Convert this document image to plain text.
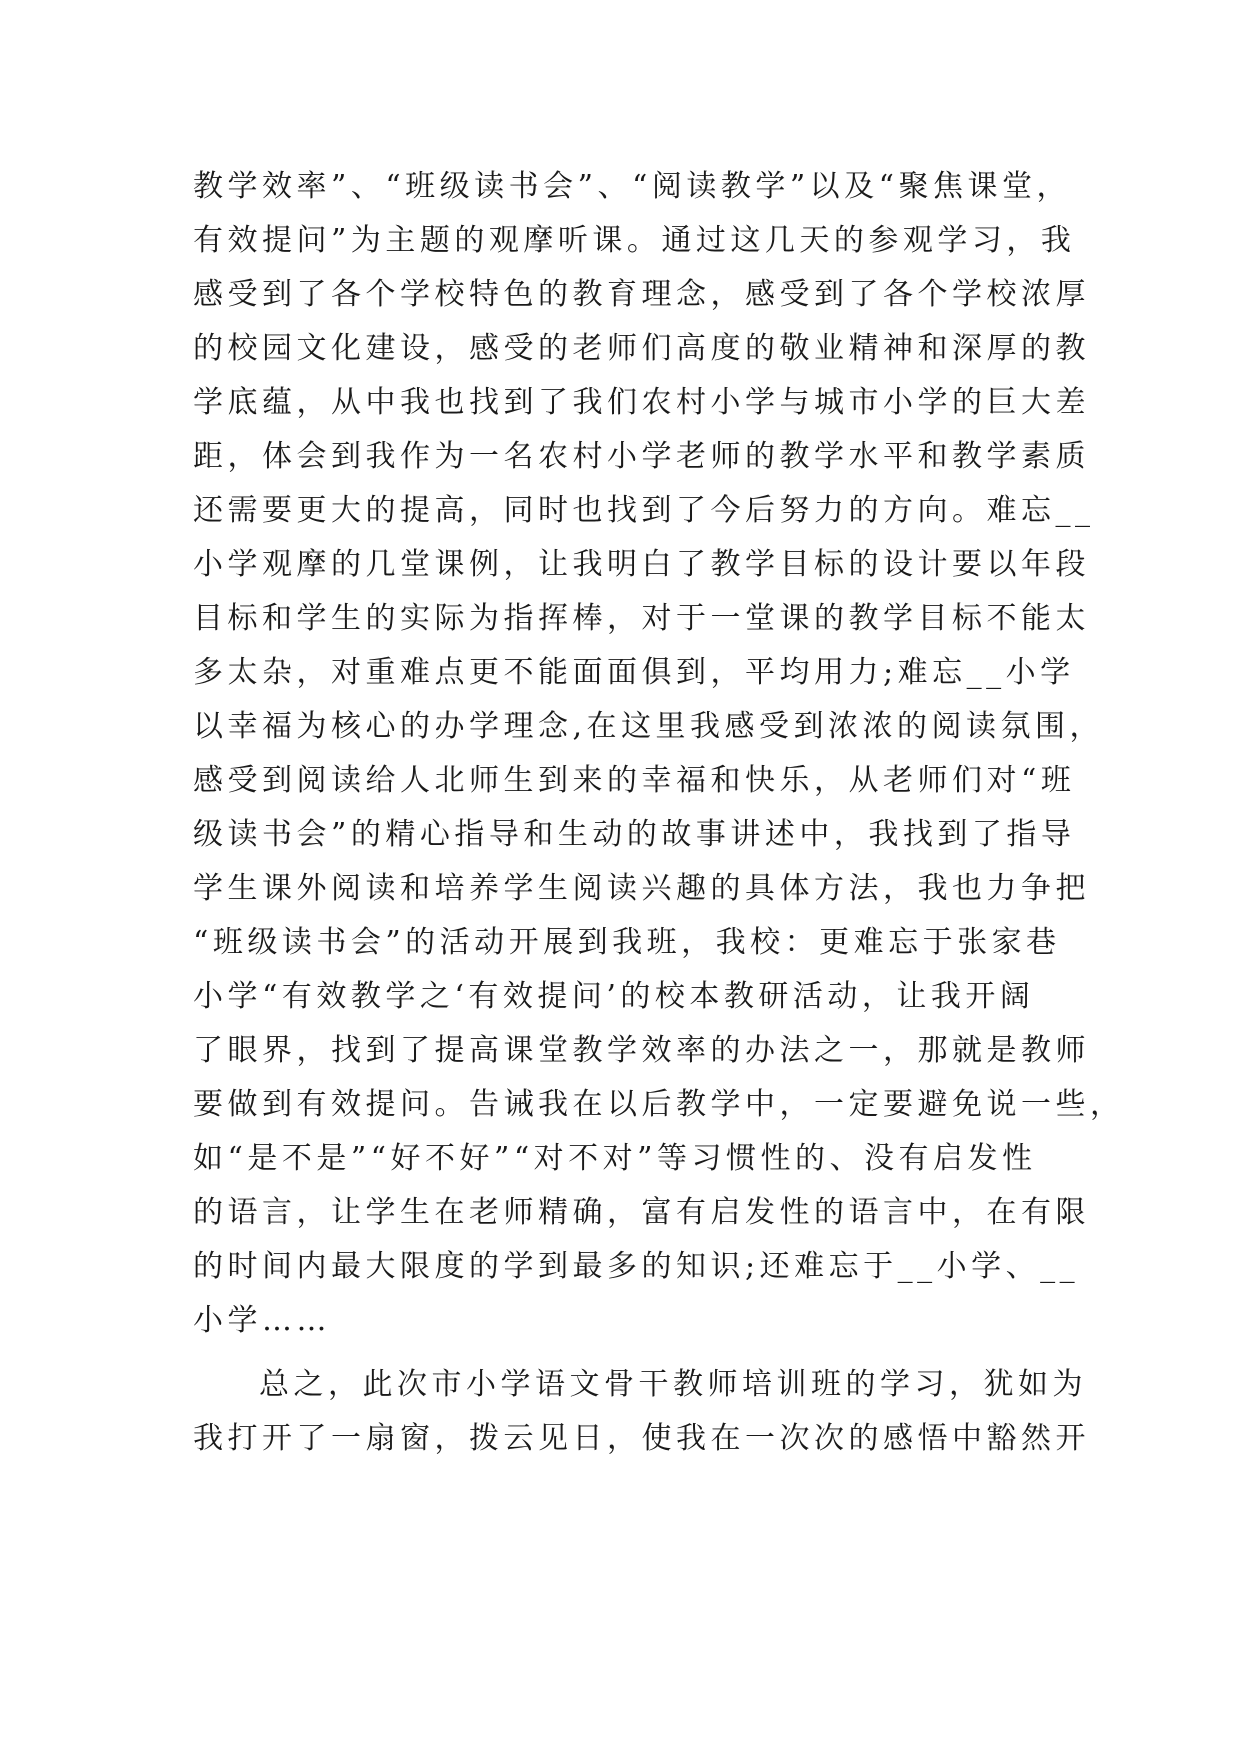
教学效率”、“班级读书会”、“阅读教学”以及“聚焦课堂，
有效提问”为主题的观摩听课。通过这几天的参观学习，我
感受到了各个学校特色的教育理念，感受到了各个学校浓厚
的校园文化建设，感受的老师们高度的敬业精神和深厚的教
学底蕴，从中我也找到了我们农村小学与城市小学的巨大差
距，体会到我作为一名农村小学老师的教学水平和教学素质
还需要更大的提高，同时也找到了今后努力的方向。难忘__
小学观摩的几堂课例，让我明白了教学目标的设计要以年段
目标和学生的实际为指挥棒，对于一堂课的教学目标不能太
多太杂，对重难点更不能面面俱到，平均用力;难忘__小学
以幸福为核心的办学理念,在这里我感受到浓浓的阅读氛围，
感受到阅读给人北师生到来的幸福和快乐，从老师们对“班
级读书会”的精心指导和生动的故事讲述中，我找到了指导
学生课外阅读和培养学生阅读兴趣的具体方法，我也力争把
“班级读书会”的活动开展到我班，我校：更难忘于张家巷
小学“有效教学之‘有效提问’的校本教研活动，让我开阔
了眼界，找到了提高课堂教学效率的办法之一，那就是教师
要做到有效提问。告诫我在以后教学中，一定要避免说一些，
如“是不是”“好不好”“对不对”等习惯性的、没有启发性
的语言，让学生在老师精确，富有启发性的语言中，在有限
的时间内最大限度的学到最多的知识;还难忘于__小学、__
小学……
总之，此次市小学语文骨干教师培训班的学习，犹如为
我打开了一扇窗，拨云见日，使我在一次次的感悟中豁然开
